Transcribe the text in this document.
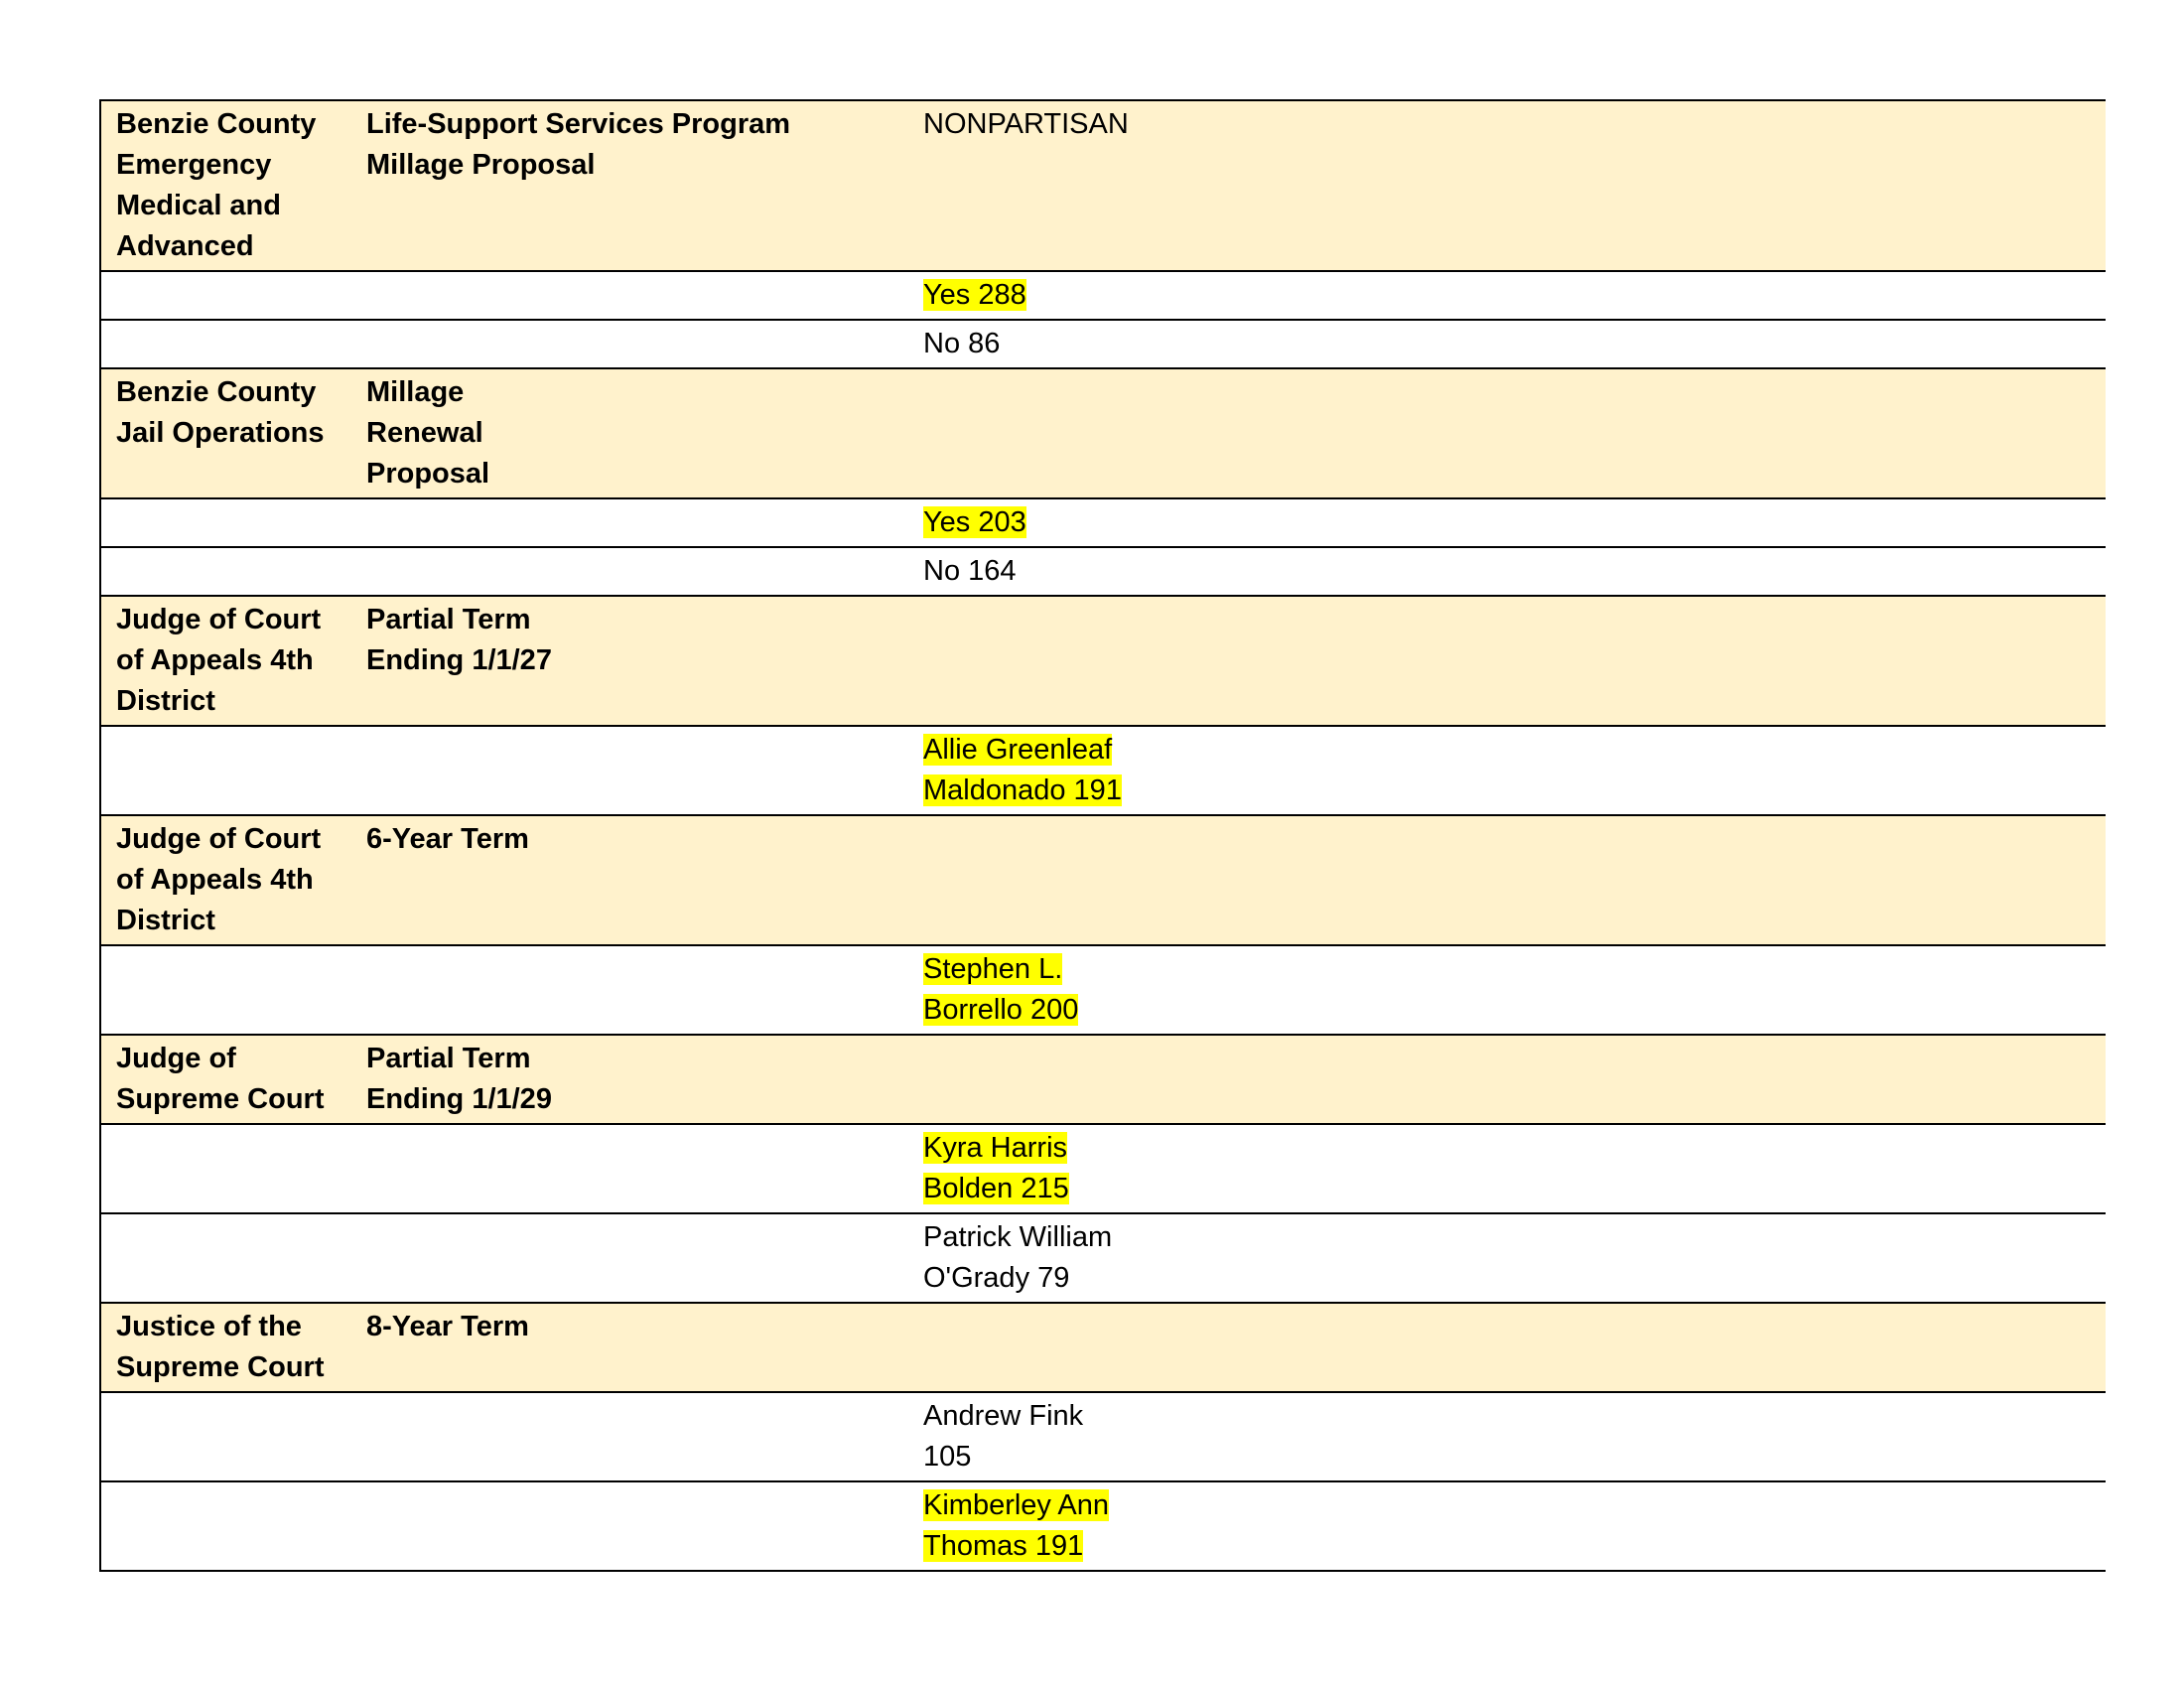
Benzie County Emergency Medical and Advanced	Life-Support Services Program Millage Proposal	NONPARTISAN
		Yes 288
		No 86
Benzie County Jail Operations	Millage Renewal Proposal	
		Yes 203
		No 164
Judge of Court of Appeals 4th District	Partial Term Ending 1/1/27	
		Allie Greenleaf Maldonado 191
Judge of Court of Appeals 4th District	6-Year Term	
		Stephen L. Borrello 200
Judge of Supreme Court	Partial Term Ending 1/1/29	
		Kyra Harris Bolden 215
		Patrick William O'Grady 79
Justice of the Supreme Court	8-Year Term	
		Andrew Fink 105
		Kimberley Ann Thomas 191
